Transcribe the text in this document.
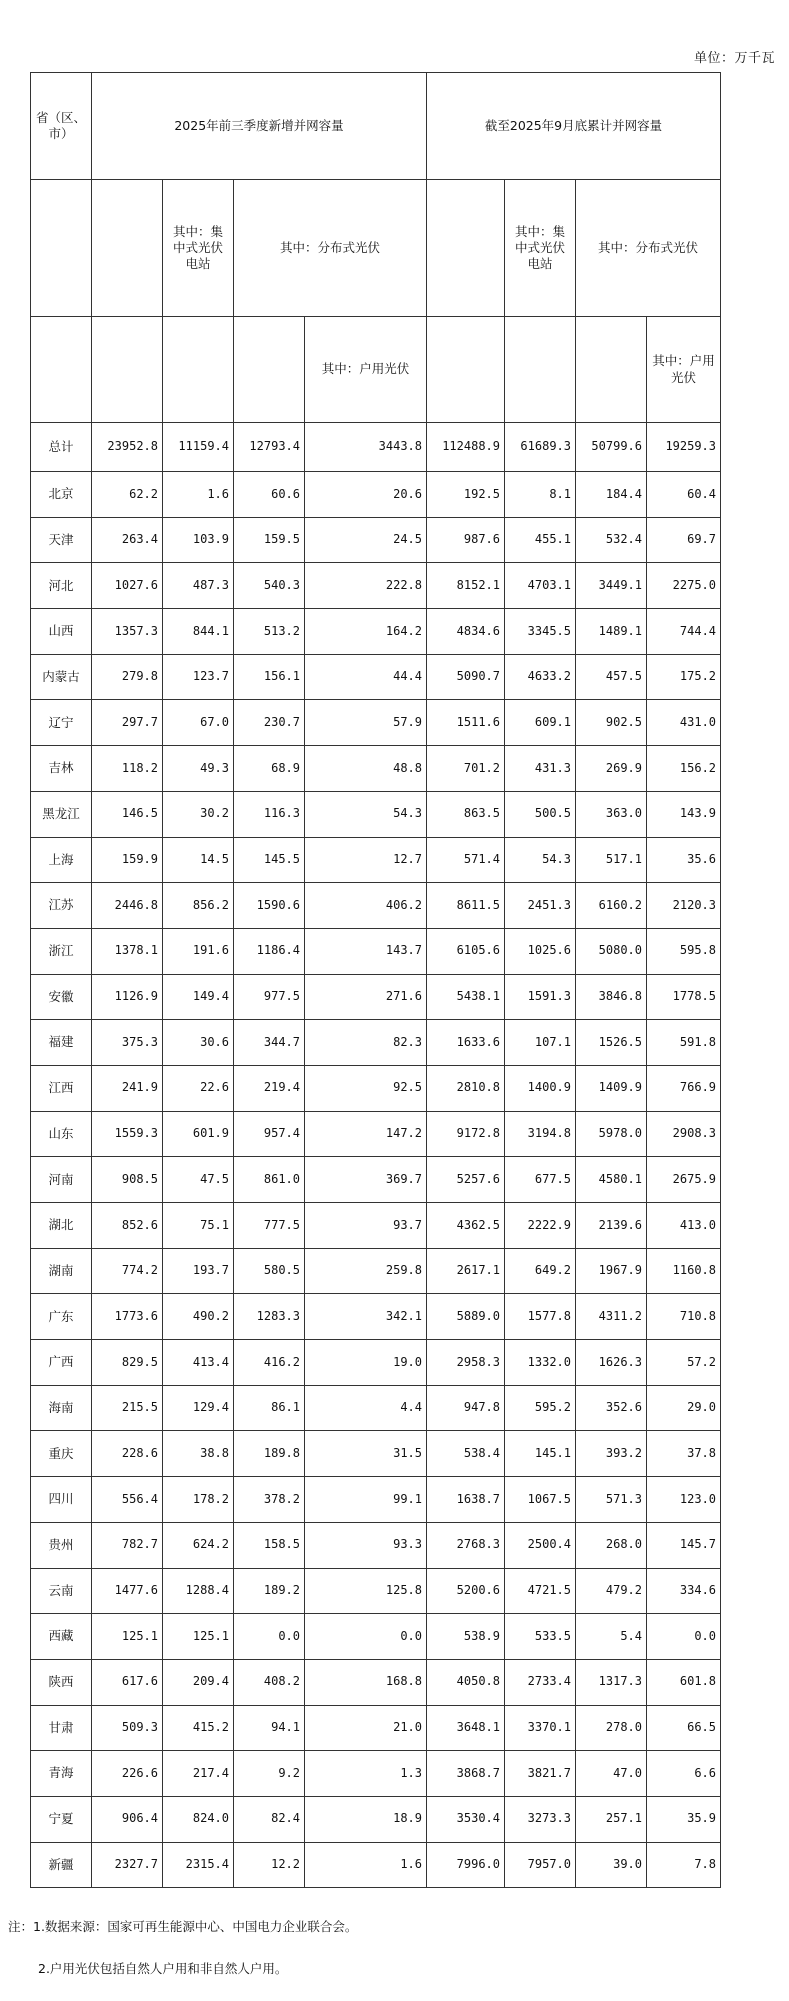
单位：万千瓦
省（区、市）	2025年前三季度新增并网容量				截至2025年9月底累计并网容量			
		其中：集中式光伏电站	其中：分布式光伏			其中：集中式光伏电站	其中：分布式光伏	
				其中：户用光伏				其中：户用光伏
总计	23952.8	11159.4	12793.4	3443.8	112488.9	61689.3	50799.6	19259.3
北京	62.2	1.6	60.6	20.6	192.5	8.1	184.4	60.4
天津	263.4	103.9	159.5	24.5	987.6	455.1	532.4	69.7
河北	1027.6	487.3	540.3	222.8	8152.1	4703.1	3449.1	2275.0
山西	1357.3	844.1	513.2	164.2	4834.6	3345.5	1489.1	744.4
内蒙古	279.8	123.7	156.1	44.4	5090.7	4633.2	457.5	175.2
辽宁	297.7	67.0	230.7	57.9	1511.6	609.1	902.5	431.0
吉林	118.2	49.3	68.9	48.8	701.2	431.3	269.9	156.2
黑龙江	146.5	30.2	116.3	54.3	863.5	500.5	363.0	143.9
上海	159.9	14.5	145.5	12.7	571.4	54.3	517.1	35.6
江苏	2446.8	856.2	1590.6	406.2	8611.5	2451.3	6160.2	2120.3
浙江	1378.1	191.6	1186.4	143.7	6105.6	1025.6	5080.0	595.8
安徽	1126.9	149.4	977.5	271.6	5438.1	1591.3	3846.8	1778.5
福建	375.3	30.6	344.7	82.3	1633.6	107.1	1526.5	591.8
江西	241.9	22.6	219.4	92.5	2810.8	1400.9	1409.9	766.9
山东	1559.3	601.9	957.4	147.2	9172.8	3194.8	5978.0	2908.3
河南	908.5	47.5	861.0	369.7	5257.6	677.5	4580.1	2675.9
湖北	852.6	75.1	777.5	93.7	4362.5	2222.9	2139.6	413.0
湖南	774.2	193.7	580.5	259.8	2617.1	649.2	1967.9	1160.8
广东	1773.6	490.2	1283.3	342.1	5889.0	1577.8	4311.2	710.8
广西	829.5	413.4	416.2	19.0	2958.3	1332.0	1626.3	57.2
海南	215.5	129.4	86.1	4.4	947.8	595.2	352.6	29.0
重庆	228.6	38.8	189.8	31.5	538.4	145.1	393.2	37.8
四川	556.4	178.2	378.2	99.1	1638.7	1067.5	571.3	123.0
贵州	782.7	624.2	158.5	93.3	2768.3	2500.4	268.0	145.7
云南	1477.6	1288.4	189.2	125.8	5200.6	4721.5	479.2	334.6
西藏	125.1	125.1	0.0	0.0	538.9	533.5	5.4	0.0
陕西	617.6	209.4	408.2	168.8	4050.8	2733.4	1317.3	601.8
甘肃	509.3	415.2	94.1	21.0	3648.1	3370.1	278.0	66.5
青海	226.6	217.4	9.2	1.3	3868.7	3821.7	47.0	6.6
宁夏	906.4	824.0	82.4	18.9	3530.4	3273.3	257.1	35.9
新疆	2327.7	2315.4	12.2	1.6	7996.0	7957.0	39.0	7.8
注：1.数据来源：国家可再生能源中心、中国电力企业联合会。
2.户用光伏包括自然人户用和非自然人户用。
